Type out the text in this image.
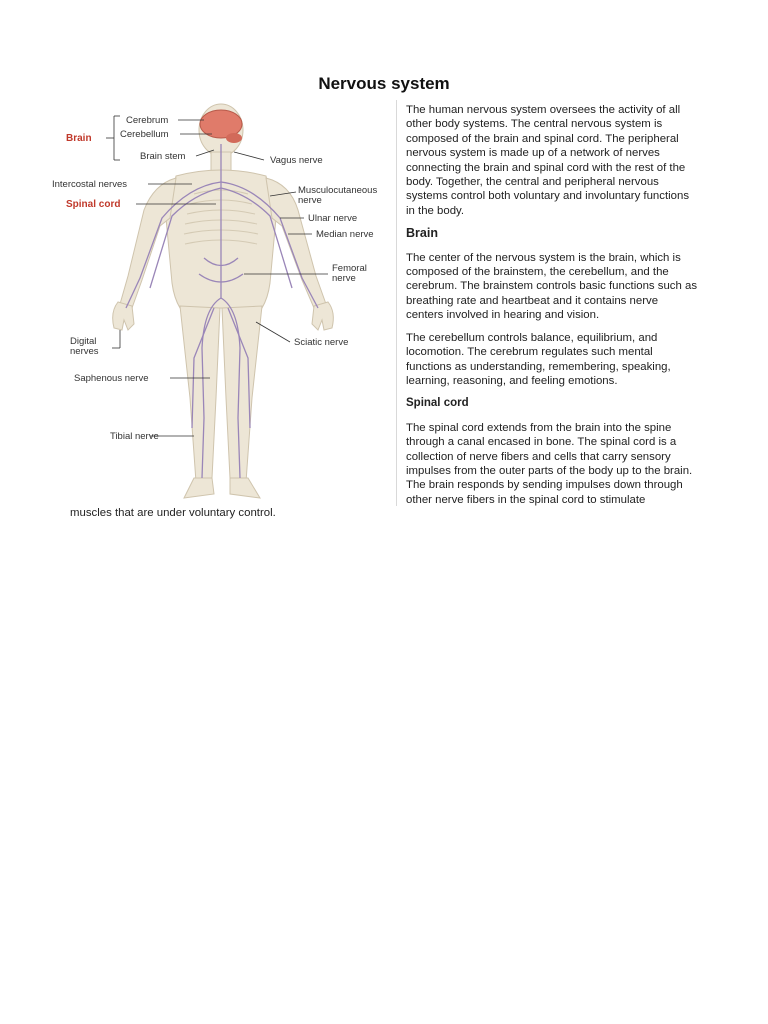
Nervous system
Brain
Cerebrum
Cerebellum
Brain stem	Vagus nerve
Intercostal nerves
Spinal cord
Musculocutaneous
nerve
Ulnar nerve
Median nerve
Femoral
nerve
Digital
nerves
Sciatic nerve
Saphenous nerve
Tibial nerve

The human nervous system oversees the activity of all other body systems. The central nervous system is composed of the brain and spinal cord. The peripheral nervous system is made up of a network of nerves connecting the brain and spinal cord with the rest of the body. Together, the central and peripheral nervous systems control both voluntary and involuntary functions in the body.

Brain

The center of the nervous system is the brain, which is composed of the brainstem, the cerebellum, and the cerebrum. The brainstem controls basic functions such as breathing rate and heartbeat and it contains nerve centers involved in hearing and vision.

The cerebellum controls balance, equilibrium, and locomotion. The cerebrum regulates such mental functions as understanding, remembering, speaking, learning, reasoning, and feeling emotions.

Spinal cord

The spinal cord extends from the brain into the spine through a canal encased in bone. The spinal cord is a collection of nerve fibers and cells that carry sensory impulses from the outer parts of the body up to the brain. The brain responds by sending impulses down through other nerve fibers in the spinal cord to stimulate

muscles that are under voluntary control.
